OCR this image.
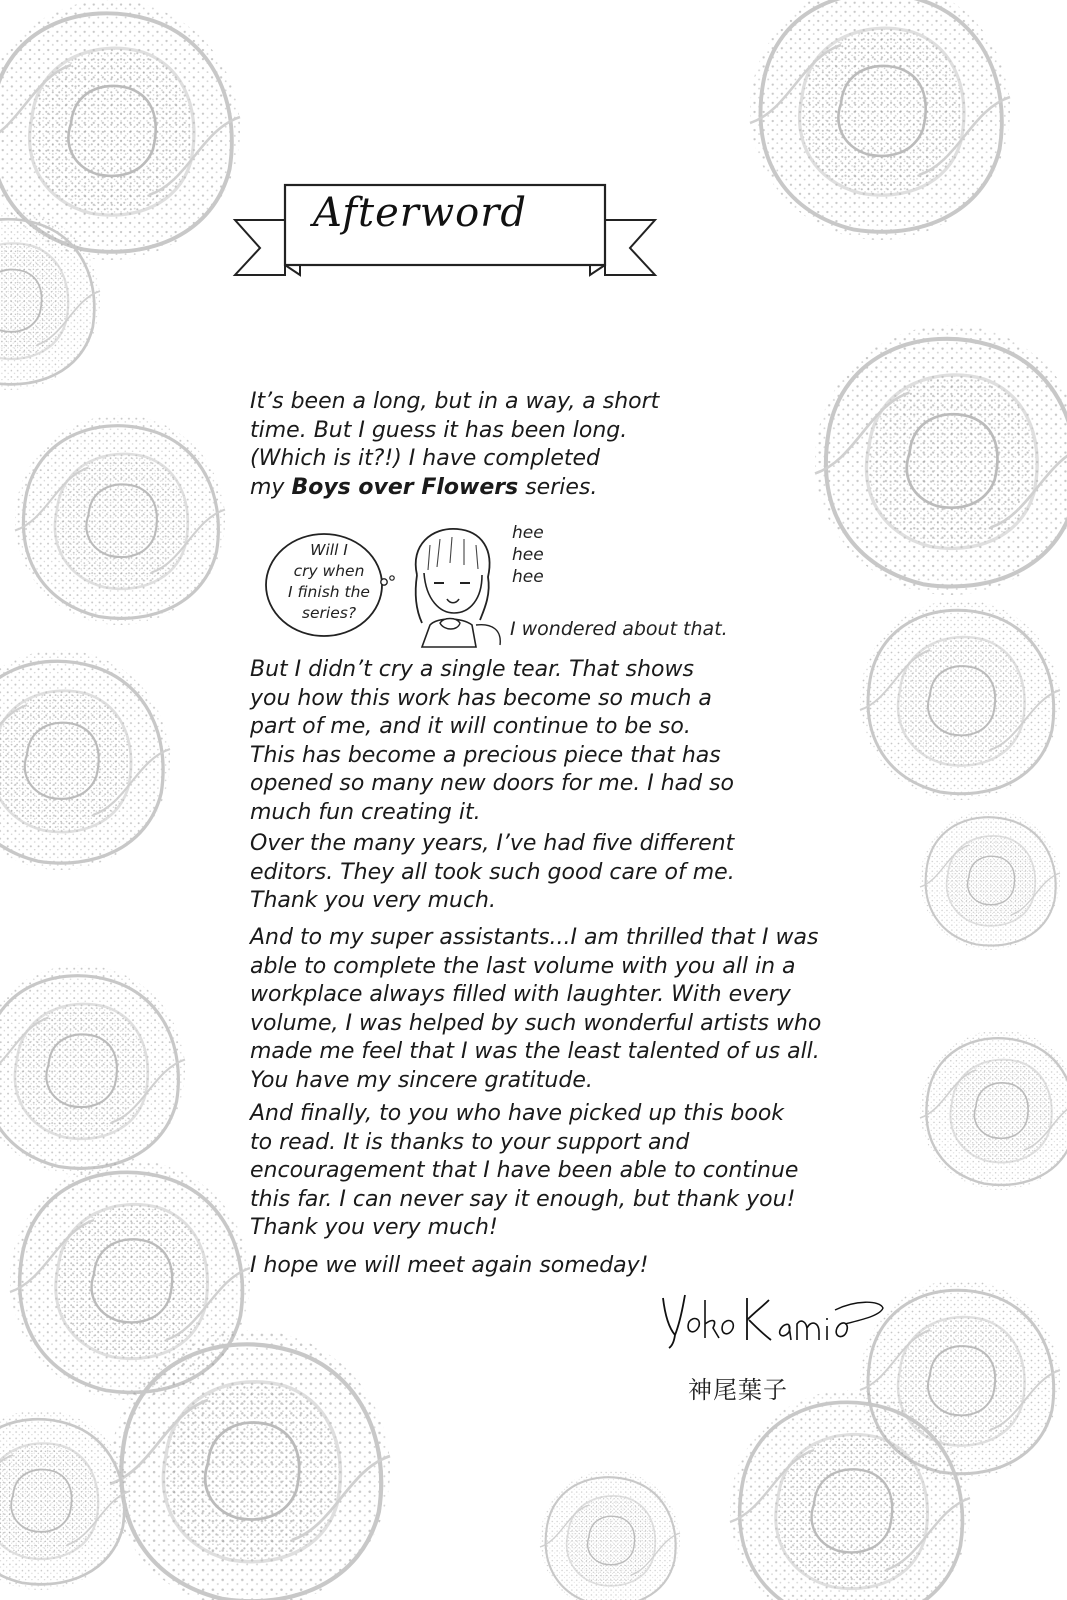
Afterword
It’s been a long, but in a way, a short
time. But I guess it has been long.
(Which is it?!) I have completed
my Boys over Flowers series.
Will I
cry when
I finish the
series?
hee
hee
hee
I wondered about that.
But I didn’t cry a single tear. That shows
you how this work has become so much a
part of me, and it will continue to be so.
This has become a precious piece that has
opened so many new doors for me. I had so
much fun creating it.
Over the many years, I’ve had five different
editors. They all took such good care of me.
Thank you very much.
And to my super assistants...I am thrilled that I was
able to complete the last volume with you all in a
workplace always filled with laughter. With every
volume, I was helped by such wonderful artists who
made me feel that I was the least talented of us all.
You have my sincere gratitude.
And finally, to you who have picked up this book
to read. It is thanks to your support and
encouragement that I have been able to continue
this far. I can never say it enough, but thank you!
Thank you very much!
I hope we will meet again someday!
神尾葉子
